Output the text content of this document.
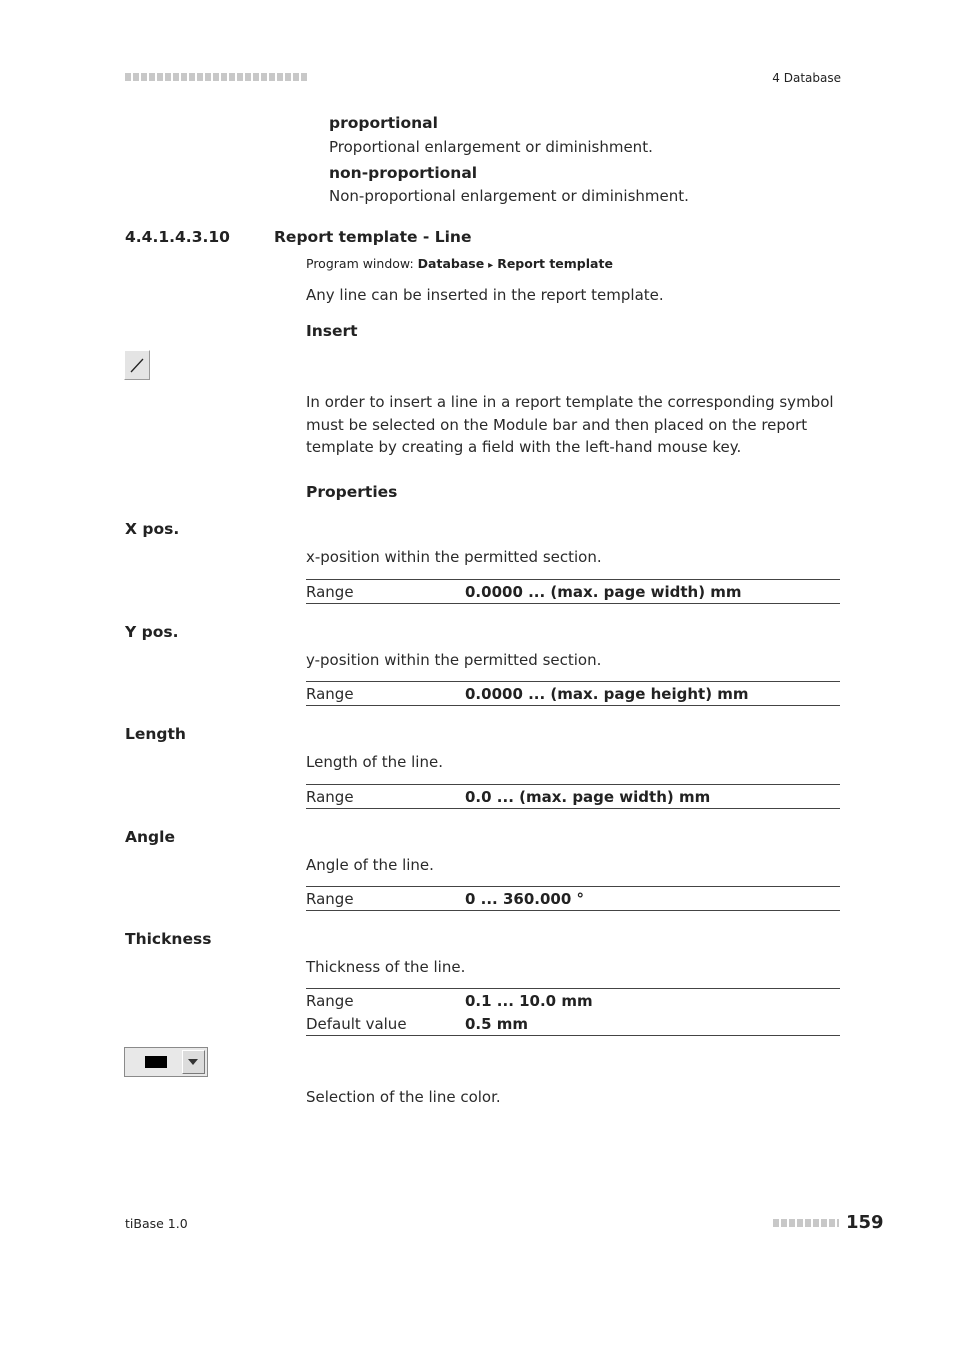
4 Database
proportional
Proportional enlargement or diminishment.
non-proportional
Non-proportional enlargement or diminishment.
4.4.1.4.3.10	Report template - Line
Program window: Database ▸ Report template
Any line can be inserted in the report template.
Insert
In order to insert a line in a report template the corresponding symbol must be selected on the Module bar and then placed on the report template by creating a field with the left-hand mouse key.
Properties
X pos.
x-position within the permitted section.
Range	0.0000 ... (max. page width) mm
Y pos.
y-position within the permitted section.
Range	0.0000 ... (max. page height) mm
Length
Length of the line.
Range	0.0 ... (max. page width) mm
Angle
Angle of the line.
Range	0 ... 360.000 °
Thickness
Thickness of the line.
Range	0.1 ... 10.0 mm
Default value	0.5 mm
Selection of the line color.
tiBase 1.0	159
